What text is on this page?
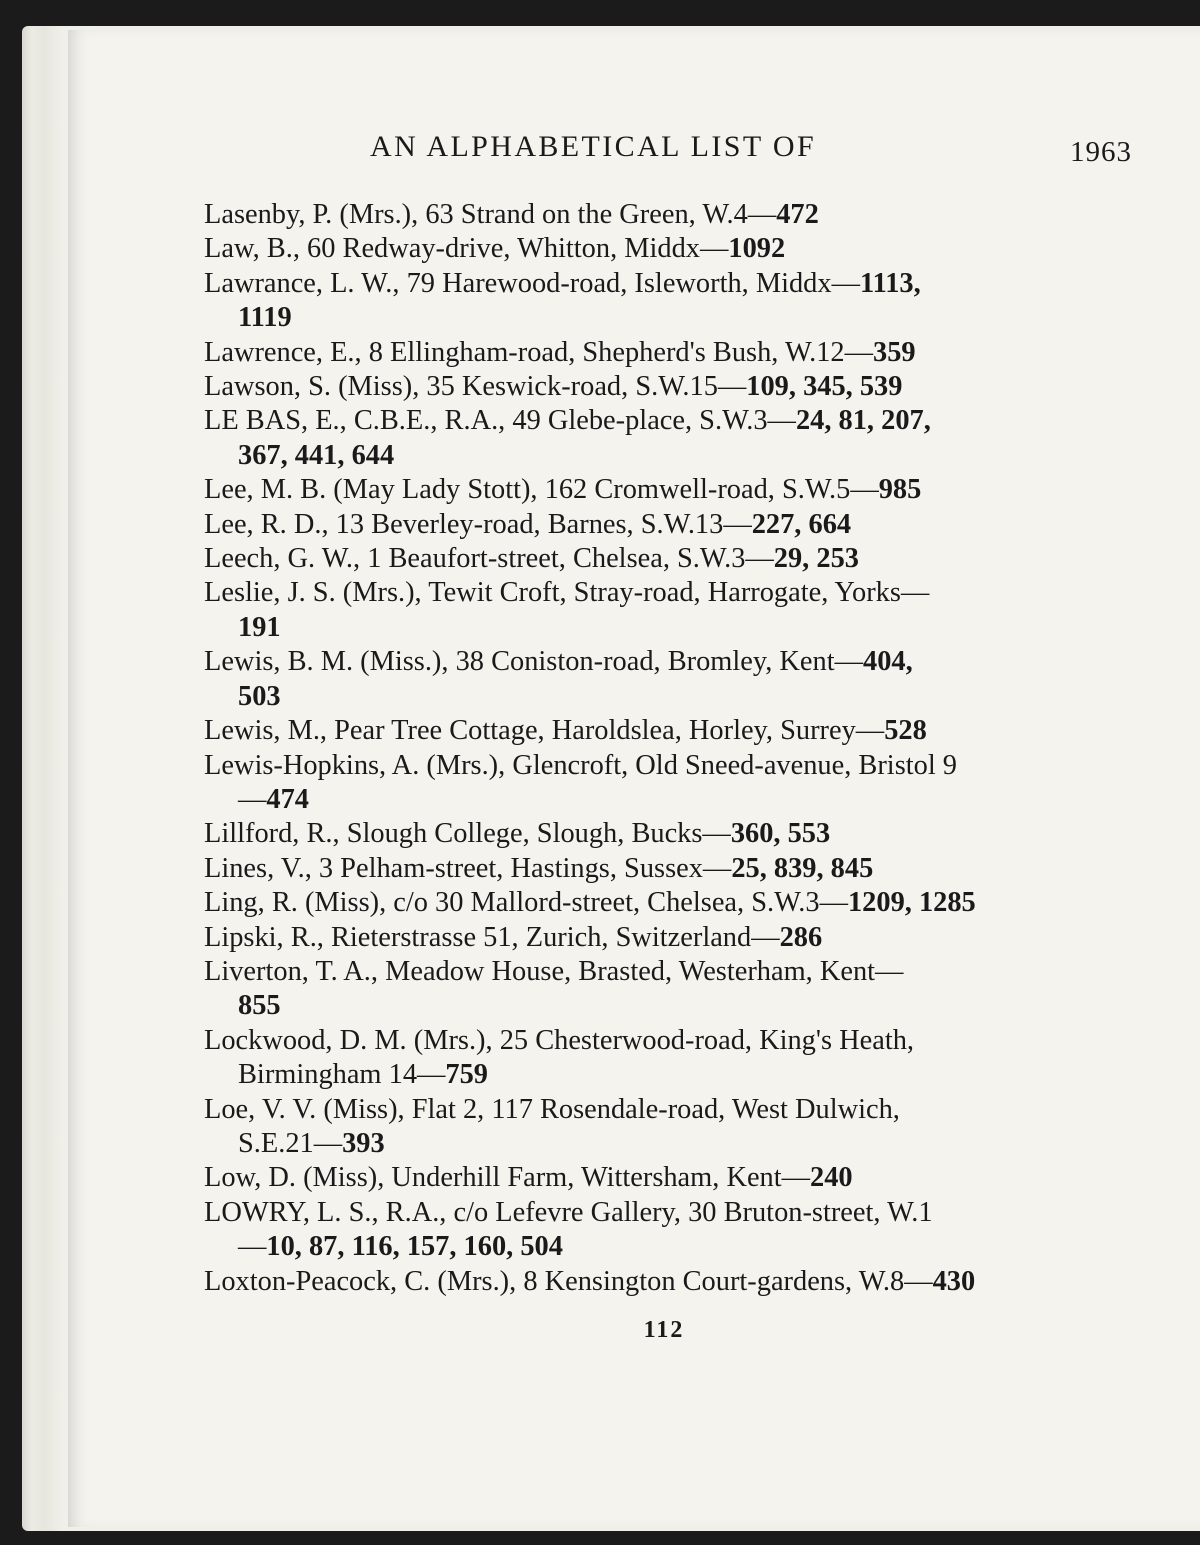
AN ALPHABETICAL LIST OF	1963
Lasenby, P. (Mrs.), 63 Strand on the Green, W.4—472
Law, B., 60 Redway-drive, Whitton, Middx—1092
Lawrance, L. W., 79 Harewood-road, Isleworth, Middx—1113,
1119
Lawrence, E., 8 Ellingham-road, Shepherd's Bush, W.12—359
Lawson, S. (Miss), 35 Keswick-road, S.W.15—109, 345, 539
LE BAS, E., C.B.E., R.A., 49 Glebe-place, S.W.3—24, 81, 207,
367, 441, 644
Lee, M. B. (May Lady Stott), 162 Cromwell-road, S.W.5—985
Lee, R. D., 13 Beverley-road, Barnes, S.W.13—227, 664
Leech, G. W., 1 Beaufort-street, Chelsea, S.W.3—29, 253
Leslie, J. S. (Mrs.), Tewit Croft, Stray-road, Harrogate, Yorks—
191
Lewis, B. M. (Miss.), 38 Coniston-road, Bromley, Kent—404,
503
Lewis, M., Pear Tree Cottage, Haroldslea, Horley, Surrey—528
Lewis-Hopkins, A. (Mrs.), Glencroft, Old Sneed-avenue, Bristol 9
—474
Lillford, R., Slough College, Slough, Bucks—360, 553
Lines, V., 3 Pelham-street, Hastings, Sussex—25, 839, 845
Ling, R. (Miss), c/o 30 Mallord-street, Chelsea, S.W.3—1209, 1285
Lipski, R., Rieterstrasse 51, Zurich, Switzerland—286
Liverton, T. A., Meadow House, Brasted, Westerham, Kent—
855
Lockwood, D. M. (Mrs.), 25 Chesterwood-road, King's Heath,
Birmingham 14—759
Loe, V. V. (Miss), Flat 2, 117 Rosendale-road, West Dulwich,
S.E.21—393
Low, D. (Miss), Underhill Farm, Wittersham, Kent—240
LOWRY, L. S., R.A., c/o Lefevre Gallery, 30 Bruton-street, W.1
—10, 87, 116, 157, 160, 504
Loxton-Peacock, C. (Mrs.), 8 Kensington Court-gardens, W.8—430
112
